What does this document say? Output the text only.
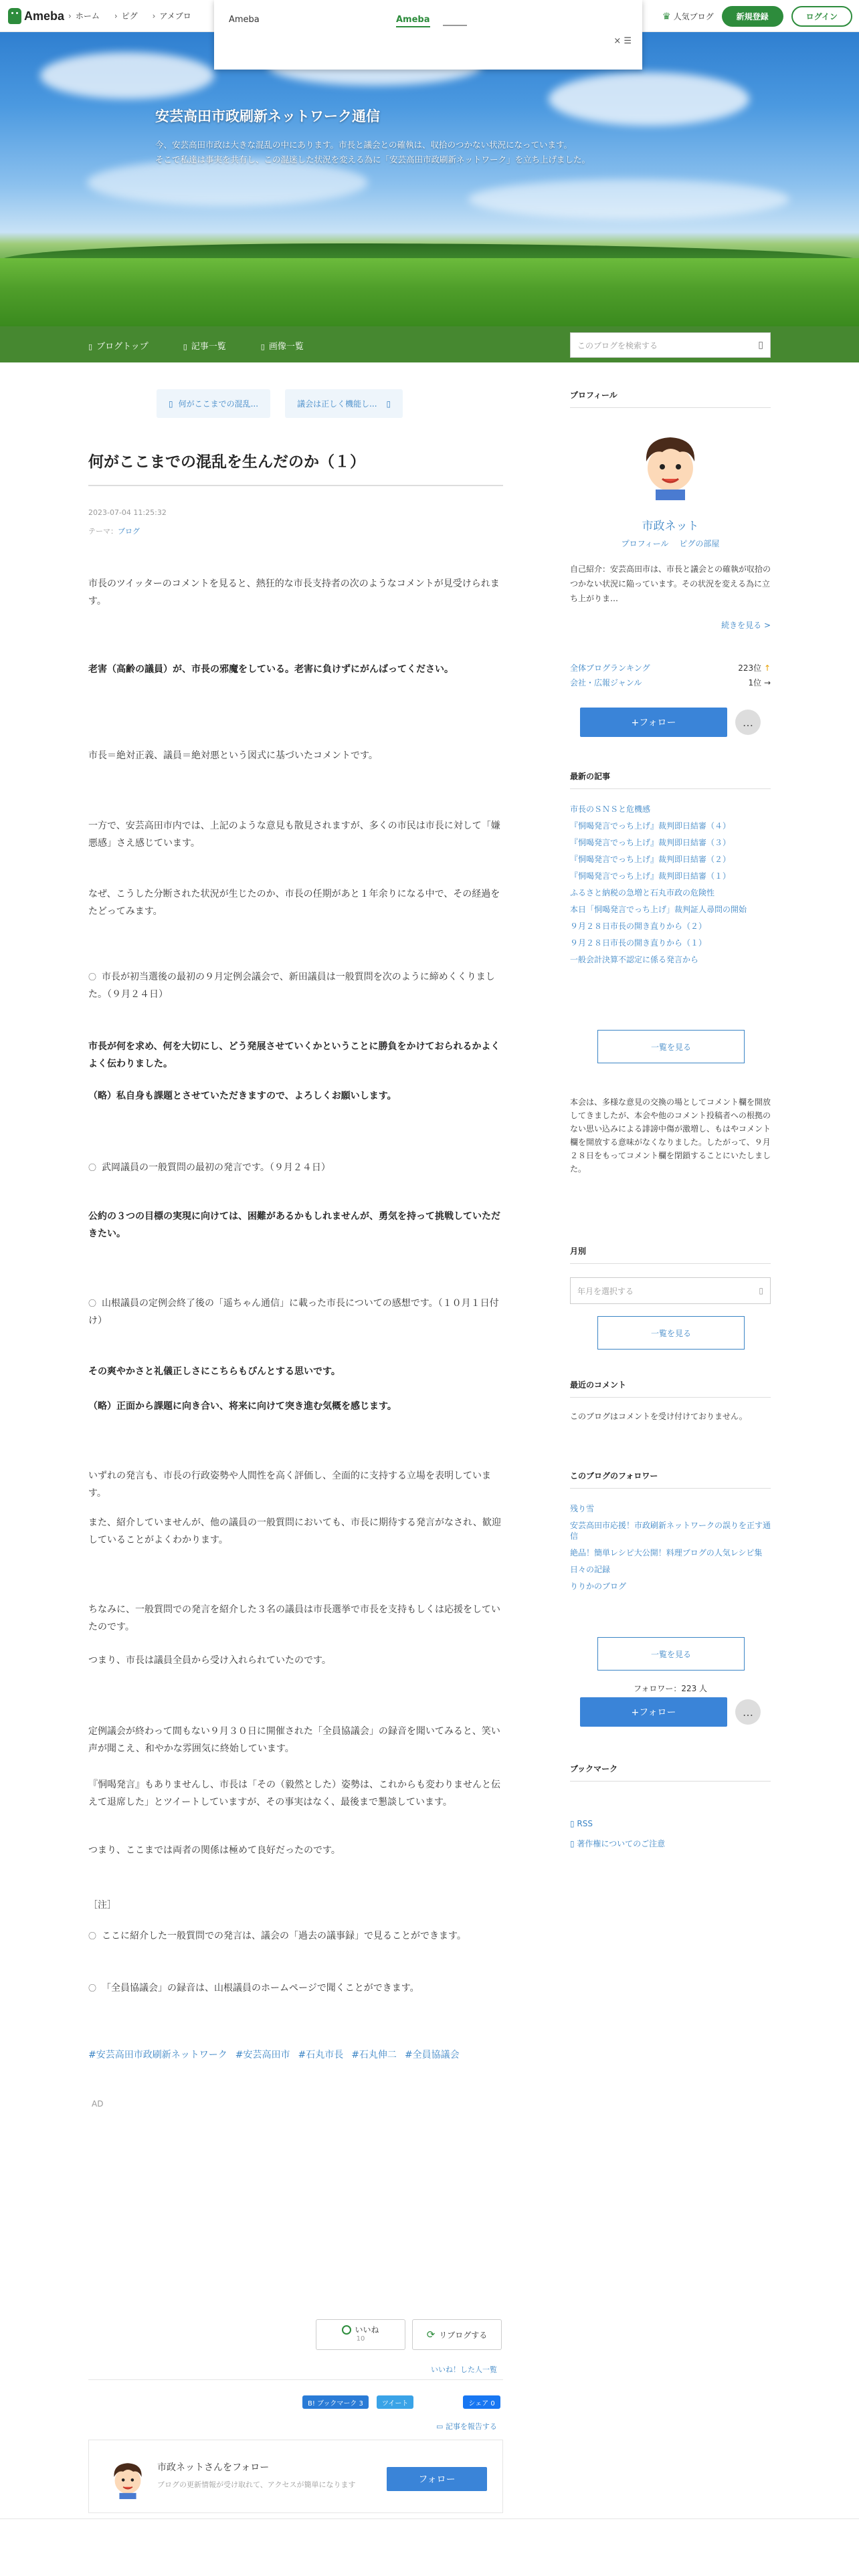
Ameba	› ホーム	› ピグ	› アメブロ	♛ 人気ブログ	新規登録	ログイン
Ameba	Ameba
× ☰
安芸高田市政刷新ネットワーク通信
今、安芸高田市政は大きな混乱の中にあります。市長と議会との確執は、収拾のつかない状況になっています。
そこで私達は事実を共有し、この混迷した状況を変える為に「安芸高田市政刷新ネットワーク」を立ち上げました。
▯ ブログトップ	▯ 記事一覧	▯ 画像一覧	このブログを検索する	▯
▯ 何がここまでの混乱...	議会は正しく機能し... ▯
何がここまでの混乱を生んだのか（１）
2023-07-04 11:25:32
テーマ：ブログ

市長のツイッターのコメントを見ると、熱狂的な市長支持者の次のようなコメントが見受けられます。

老害（高齢の議員）が、市長の邪魔をしている。老害に負けずにがんばってください。

市長＝絶対正義、議員＝絶対悪という図式に基づいたコメントです。

一方で、安芸高田市内では、上記のような意見も散見されますが、多くの市民は市長に対して「嫌悪感」さえ感じています。

なぜ、こうした分断された状況が生じたのか、市長の任期があと１年余りになる中で、その経過をたどってみます。

〇 市長が初当選後の最初の９月定例会議会で、新田議員は一般質問を次のように締めくくりました。（９月２４日）

市長が何を求め、何を大切にし、どう発展させていくかということに勝負をかけておられるかよくよく伝わりました。

（略）私自身も課題とさせていただきますので、よろしくお願いします。

〇 武岡議員の一般質問の最初の発言です。（９月２４日）

公約の３つの目標の実現に向けては、困難があるかもしれませんが、勇気を持って挑戦していただきたい。

〇 山根議員の定例会終了後の「遥ちゃん通信」に載った市長についての感想です。（１０月１日付け）

その爽やかさと礼儀正しさにこちらもぴんとする思いです。

（略）正面から課題に向き合い、将来に向けて突き進む気概を感じます。

いずれの発言も、市長の行政姿勢や人間性を高く評価し、全面的に支持する立場を表明しています。

また、紹介していませんが、他の議員の一般質問においても、市長に期待する発言がなされ、歓迎していることがよくわかります。

ちなみに、一般質問での発言を紹介した３名の議員は市長選挙で市長を支持もしくは応援をしていたのです。

つまり、市長は議員全員から受け入れられていたのです。

定例議会が終わって間もない９月３０日に開催された「全員協議会」の録音を聞いてみると、笑い声が聞こえ、和やかな雰囲気に終始しています。

『恫喝発言』もありませんし、市長は「その（毅然とした）姿勢は、これからも変わりませんと伝えて退席した」とツイートしていますが、その事実はなく、最後まで懇談しています。

つまり、ここまでは両者の関係は極めて良好だったのです。

［注］

〇 ここに紹介した一般質問での発言は、議会の「過去の議事録」で見ることができます。

〇 「全員協議会」の録音は、山根議員のホームページで聞くことができます。

#安芸高田市政刷新ネットワーク #安芸高田市 #石丸市長 #石丸伸二 #全員協議会
AD
いいね
10	⟳ リブログする
いいね！した人一覧
B! ブックマーク 3	ツイート	シェア 0
▭ 記事を報告する
市政ネットさんをフォロー
ブログの更新情報が受け取れて、アクセスが簡単になります	フォロー
プロフィール
市政ネット
プロフィール ピグの部屋

自己紹介：安芸高田市は、市長と議会との確執が収拾のつかない状況に陥っています。その状況を変える為に立ち上がりま…

続きを見る >
全体ブログランキング	223位 ↑
会社・広報ジャンル	1位 →
+フォロー	…
最新の記事
市長のＳＮＳと危機感
『恫喝発言でっち上げ』裁判即日結審（４）
『恫喝発言でっち上げ』裁判即日結審（３）
『恫喝発言でっち上げ』裁判即日結審（２）
『恫喝発言でっち上げ』裁判即日結審（１）
ふるさと納税の急増と石丸市政の危険性
本日「恫喝発言でっち上げ」裁判証人尋問の開始
９月２８日市長の開き直りから（２）
９月２８日市長の開き直りから（１）
一般会計決算不認定に係る発言から
一覧を見る

本会は、多様な意見の交換の場としてコメント欄を開放してきましたが、本会や他のコメント投稿者への根拠のない思い込みによる誹謗中傷が激増し、もはやコメント欄を開放する意味がなくなりました。したがって、９月２８日をもってコメント欄を閉鎖することにいたしました。

月別
年月を選択する	▯
一覧を見る
最近のコメント

このブログはコメントを受け付けておりません。

このブログのフォロワー
残り雪
安芸高田市応援！市政刷新ネットワークの誤りを正す通信
絶品！簡単レシピ大公開！料理ブログの人気レシピ集
日々の記録
りりかのブログ
一覧を見る
フォロワー：223 人
+フォロー	…
ブックマーク
▯ RSS
▯ 著作権についてのご注意
